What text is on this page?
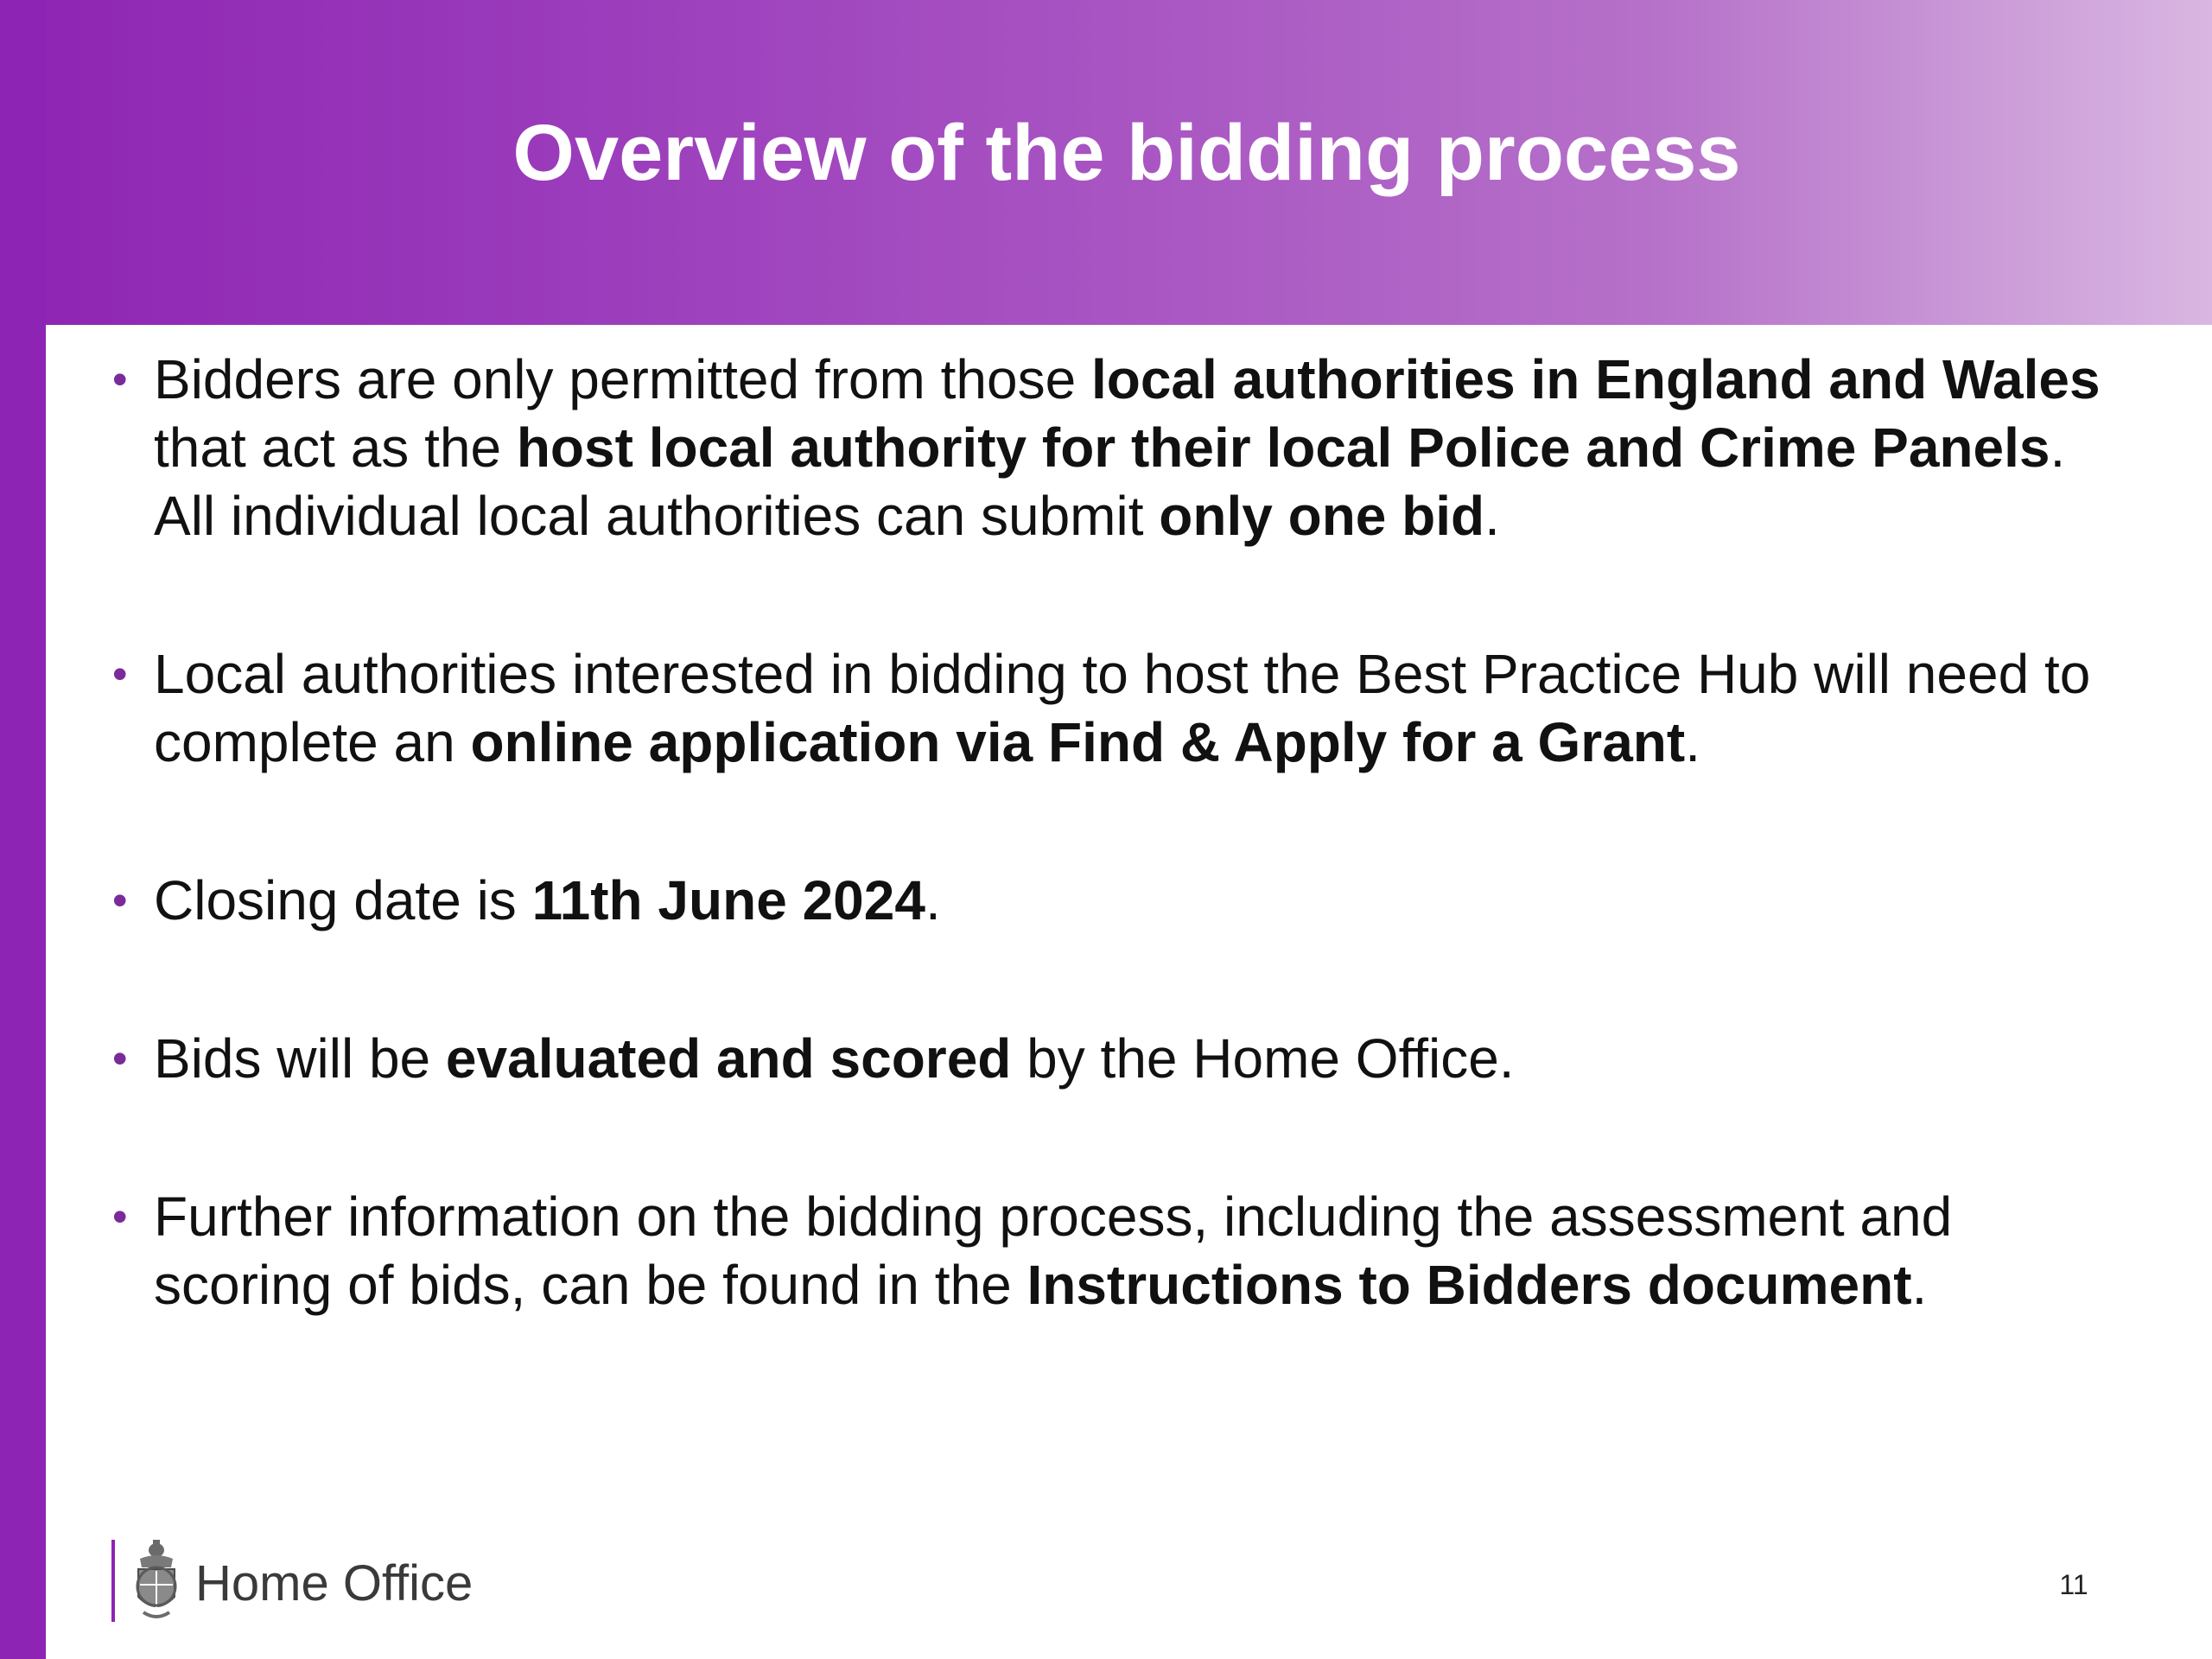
Overview of the bidding process
• Bidders are only permitted from those local authorities in England and Wales that act as the host local authority for their local Police and Crime Panels. All individual local authorities can submit only one bid.
• Local authorities interested in bidding to host the Best Practice Hub will need to complete an online application via Find & Apply for a Grant.
• Closing date is 11th June 2024.
• Bids will be evaluated and scored by the Home Office.
• Further information on the bidding process, including the assessment and scoring of bids, can be found in the Instructions to Bidders document.
Home Office	11
